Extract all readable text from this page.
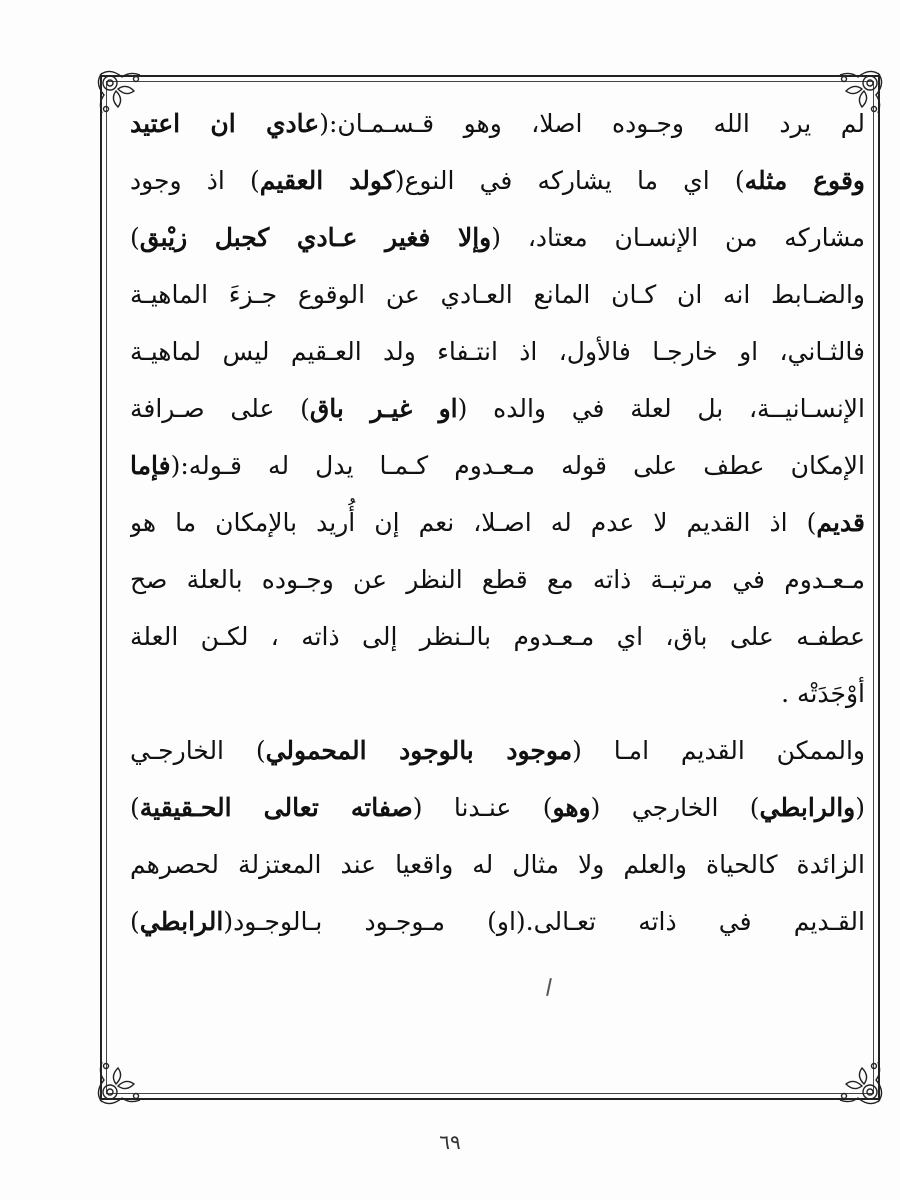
لم يرد الله وجـوده اصلا، وهو قـسـمـان:(عادي ان اعتيد
وقوع مثله) اي ما يشاركه في النوع(كولد العقيم) اذ وجود
مشاركه من الإنسـان معتاد، (وإلا فغير عـادي كجبل زيْبق)
والضـابط انه ان كـان المانع العـادي عن الوقوع جـزءَ الماهيـة
فالثـاني، او خارجـا فالأول، اذ انتـفاء ولد العـقيم ليس لماهيـة
الإنسـانيــة، بل لعلة في والده (او غيـر باق) على صـرافة
الإمكان عطف على قوله مـعـدوم كـمـا يدل له قـوله:(فإما
قديم) اذ القديم لا عدم له اصـلا، نعم إن أُريد بالإمكان ما هو
مـعـدوم في مرتبـة ذاته مع قطع النظر عن وجـوده بالعلة صح
عطفـه على باق، اي مـعـدوم بالـنظر إلى ذاته ، لكـن العلة
أوْجَدَتْه .
والممكن القديم امـا (موجود بالوجود المحمولي) الخارجـي
(والرابطي) الخارجي (وهو) عنـدنا (صفاته تعالى الحـقيقية)
الزائدة كالحياة والعلم ولا مثال له واقعيا عند المعتزلة لحصرهم
القـديم في ذاته تعـالى.(او) مـوجـود بـالوجـود(الرابطي)
٦٩
